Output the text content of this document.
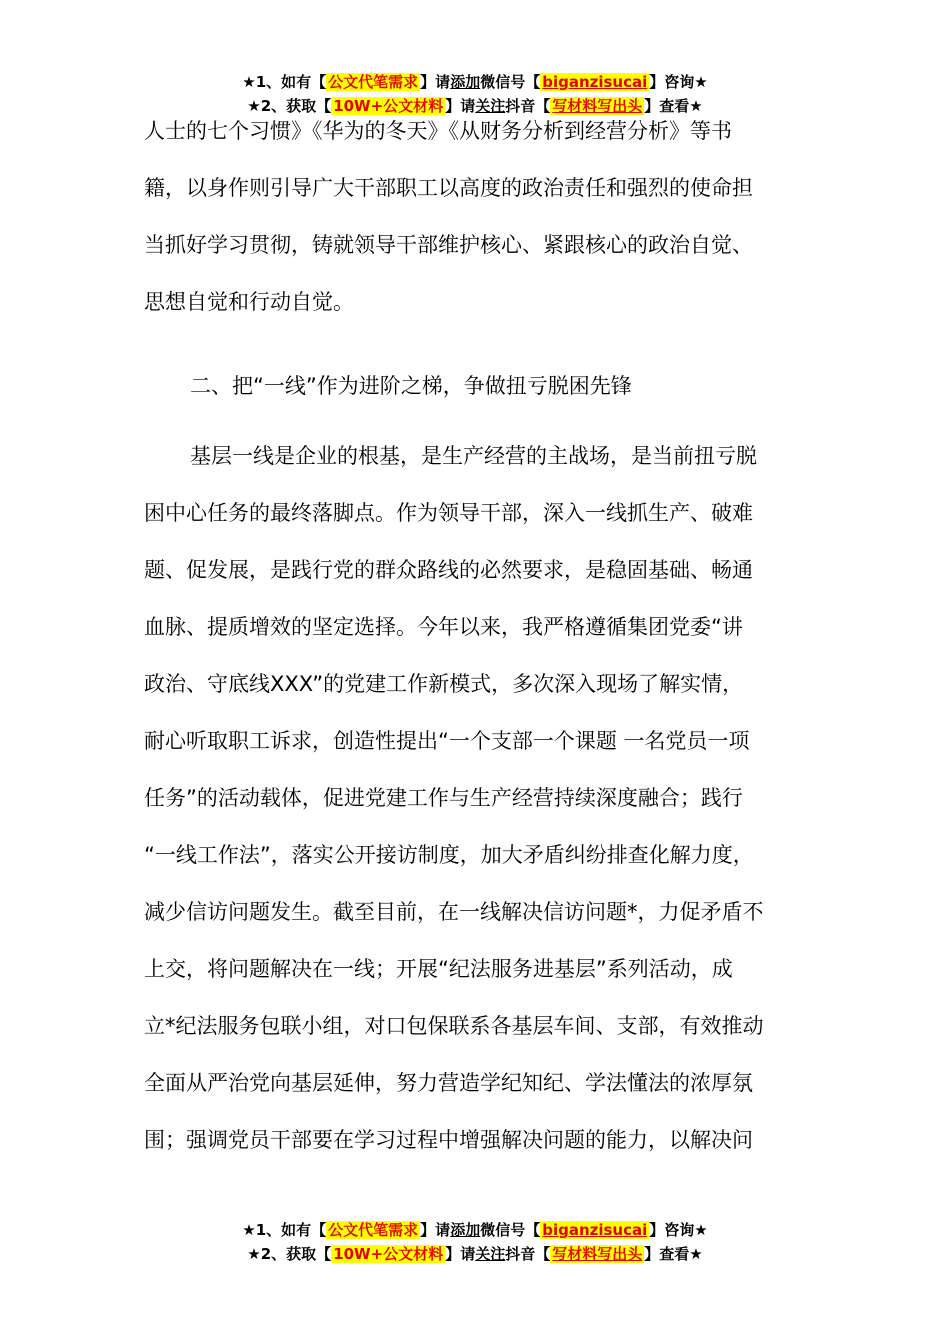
★1、如有【 公文代笔需求 】请添加微信号【 biganzisucai 】咨询★
★2、获取【 10W+公文材料 】请关注抖音【 写材料写出头 】查看★
人士的七个习惯》《华为的冬天》《从财务分析到经营分析》等书
籍，以身作则引导广大干部职工以高度的政治责任和强烈的使命担
当抓好学习贯彻，铸就领导干部维护核心、紧跟核心的政治自觉、
思想自觉和行动自觉。
二、把“一线”作为进阶之梯，争做扭亏脱困先锋
基层一线是企业的根基，是生产经营的主战场，是当前扭亏脱
困中心任务的最终落脚点。作为领导干部，深入一线抓生产、破难
题、促发展，是践行党的群众路线的必然要求，是稳固基础、畅通
血脉、提质增效的坚定选择。今年以来，我严格遵循集团党委“讲
政治、守底线XXX”的党建工作新模式，多次深入现场了解实情，
耐心听取职工诉求，创造性提出“一个支部一个课题 一名党员一项
任务”的活动载体，促进党建工作与生产经营持续深度融合；践行
“一线工作法”，落实公开接访制度，加大矛盾纠纷排查化解力度，
减少信访问题发生。截至目前，在一线解决信访问题*，力促矛盾不
上交，将问题解决在一线；开展“纪法服务进基层”系列活动，成
立*纪法服务包联小组，对口包保联系各基层车间、支部，有效推动
全面从严治党向基层延伸，努力营造学纪知纪、学法懂法的浓厚氛
围；强调党员干部要在学习过程中增强解决问题的能力，以解决问
★1、如有【 公文代笔需求 】请添加微信号【 biganzisucai 】咨询★
★2、获取【 10W+公文材料 】请关注抖音【 写材料写出头 】查看★
